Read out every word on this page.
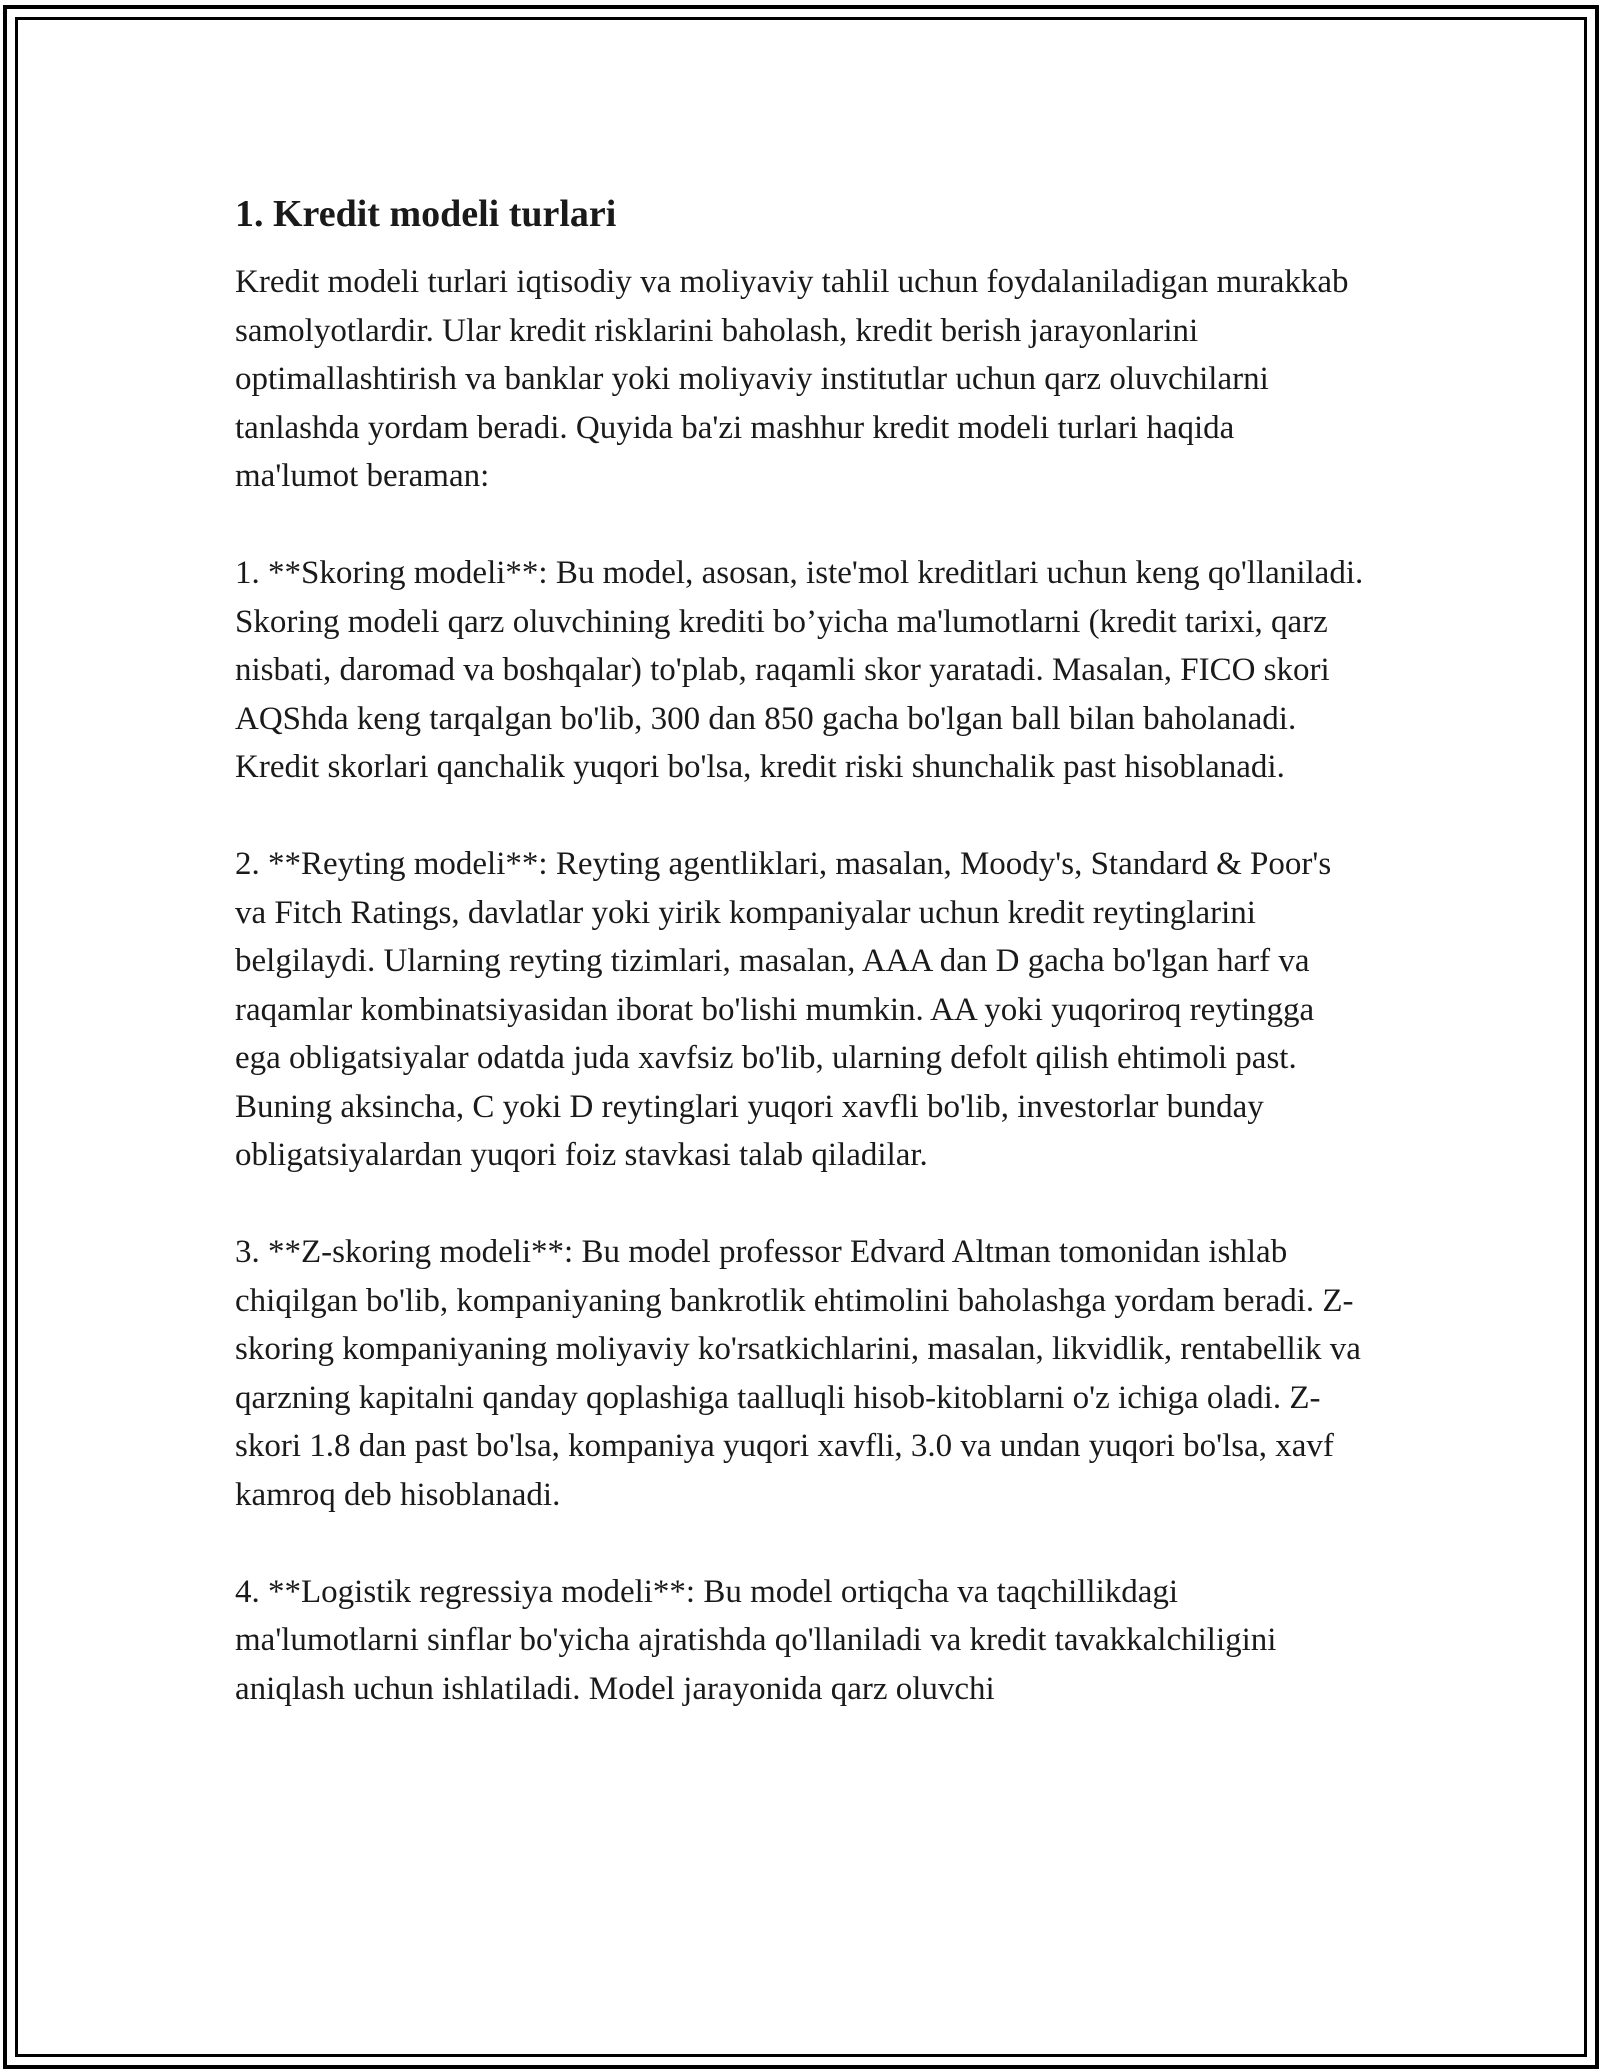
1. Kredit modeli turlari

Kredit modeli turlari iqtisodiy va moliyaviy tahlil uchun foydalaniladigan murakkab samolyotlardir. Ular kredit risklarini baholash, kredit berish jarayonlarini optimallashtirish va banklar yoki moliyaviy institutlar uchun qarz oluvchilarni tanlashda yordam beradi. Quyida ba'zi mashhur kredit modeli turlari haqida ma'lumot beraman:

1. **Skoring modeli**: Bu model, asosan, iste'mol kreditlari uchun keng qo'llaniladi. Skoring modeli qarz oluvchining krediti bo’yicha ma'lumotlarni (kredit tarixi, qarz nisbati, daromad va boshqalar) to'plab, raqamli skor yaratadi. Masalan, FICO skori AQShda keng tarqalgan bo'lib, 300 dan 850 gacha bo'lgan ball bilan baholanadi. Kredit skorlari qanchalik yuqori bo'lsa, kredit riski shunchalik past hisoblanadi.

2. **Reyting modeli**: Reyting agentliklari, masalan, Moody's, Standard & Poor's va Fitch Ratings, davlatlar yoki yirik kompaniyalar uchun kredit reytinglarini belgilaydi. Ularning reyting tizimlari, masalan, AAA dan D gacha bo'lgan harf va raqamlar kombinatsiyasidan iborat bo'lishi mumkin. AA yoki yuqoriroq reytingga ega obligatsiyalar odatda juda xavfsiz bo'lib, ularning defolt qilish ehtimoli past. Buning aksincha, C yoki D reytinglari yuqori xavfli bo'lib, investorlar bunday obligatsiyalardan yuqori foiz stavkasi talab qiladilar.

3. **Z-skoring modeli**: Bu model professor Edvard Altman tomonidan ishlab chiqilgan bo'lib, kompaniyaning bankrotlik ehtimolini baholashga yordam beradi. Z-skoring kompaniyaning moliyaviy ko'rsatkichlarini, masalan, likvidlik, rentabellik va qarzning kapitalni qanday qoplashiga taalluqli hisob-kitoblarni o'z ichiga oladi. Z-skori 1.8 dan past bo'lsa, kompaniya yuqori xavfli, 3.0 va undan yuqori bo'lsa, xavf kamroq deb hisoblanadi.

4. **Logistik regressiya modeli**: Bu model ortiqcha va taqchillikdagi ma'lumotlarni sinflar bo'yicha ajratishda qo'llaniladi va kredit tavakkalchiligini aniqlash uchun ishlatiladi. Model jarayonida qarz oluvchi
